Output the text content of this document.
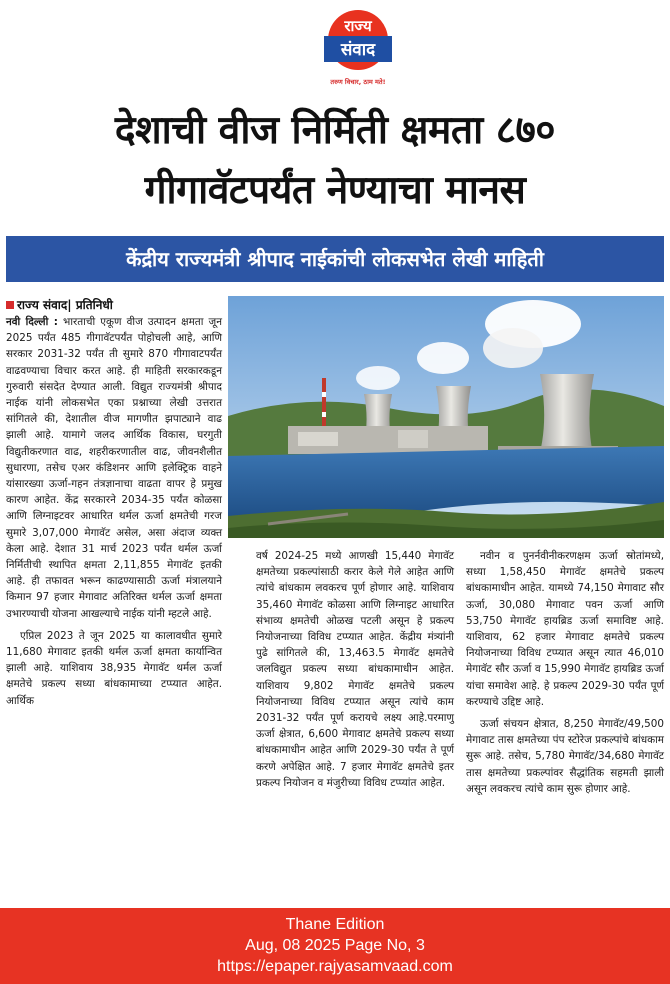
राज्य
संवाद
तरुण विचार, ठाम मते!
देशाची वीज निर्मिती क्षमता ८७०
गीगावॅटपर्यंत नेण्याचा मानस
केंद्रीय राज्यमंत्री श्रीपाद नाईकांची लोकसभेत लेखी माहिती
राज्य संवाद| प्रतिनिधी

नवी दिल्ली : भारताची एकूण वीज उत्पादन क्षमता जून 2025 पर्यंत 485 गीगावॅटपर्यंत पोहोचली आहे, आणि सरकार 2031-32 पर्यंत ती सुमारे 870 गीगावाटपर्यंत वाढवण्याचा विचार करत आहे. ही माहिती सरकारकडून गुरुवारी संसदेत देण्यात आली. विद्युत राज्यमंत्री श्रीपाद नाईक यांनी लोकसभेत एका प्रश्नाच्या लेखी उत्तरात सांगितले की, देशातील वीज मागणीत झपाट्याने वाढ झाली आहे. यामागे जलद आर्थिक विकास, घरगुती विद्युतीकरणात वाढ, शहरीकरणातील वाढ, जीवनशैलीत सुधारणा, तसेच एअर कंडिशनर आणि इलेक्ट्रिक वाहने यांसारख्या ऊर्जा-गहन तंत्रज्ञानाचा वाढता वापर हे प्रमुख कारण आहेत. केंद्र सरकारने 2034-35 पर्यंत कोळसा आणि लिग्नाइटवर आधारित थर्मल ऊर्जा क्षमतेची गरज सुमारे 3,07,000 मेगावॅट असेल, असा अंदाज व्यक्त केला आहे. देशात 31 मार्च 2023 पर्यंत थर्मल ऊर्जा निर्मितीची स्थापित क्षमता 2,11,855 मेगावॅट इतकी आहे. ही तफावत भरून काढण्यासाठी ऊर्जा मंत्रालयाने किमान 97 हजार मेगावाट अतिरिक्त थर्मल ऊर्जा क्षमता उभारण्याची योजना आखल्याचे नाईक यांनी म्हटले आहे.

एप्रिल 2023 ते जून 2025 या कालावधीत सुमारे 11,680 मेगावाट इतकी थर्मल ऊर्जा क्षमता कार्यान्वित झाली आहे. याशिवाय 38,935 मेगावॅट थर्मल ऊर्जा क्षमतेचे प्रकल्प सध्या बांधकामाच्या टप्प्यात आहेत. आर्थिक

वर्ष 2024-25 मध्ये आणखी 15,440 मेगावॅट क्षमतेच्या प्रकल्पांसाठी करार केले गेले आहेत आणि त्यांचे बांधकाम लवकरच पूर्ण होणार आहे. याशिवाय 35,460 मेगावॅट कोळसा आणि लिग्नाइट आधारित संभाव्य क्षमतेची ओळख पटली असून हे प्रकल्प नियोजनाच्या विविध टप्प्यात आहेत. केंद्रीय मंत्र्यांनी पुढे सांगितले की, 13,463.5 मेगावॅट क्षमतेचे जलविद्युत प्रकल्प सध्या बांधकामाधीन आहेत. याशिवाय 9,802 मेगावॅट क्षमतेचे प्रकल्प नियोजनाच्या विविध टप्प्यात असून त्यांचे काम 2031-32 पर्यंत पूर्ण करायचे लक्ष्य आहे.परमाणु ऊर्जा क्षेत्रात, 6,600 मेगावाट क्षमतेचे प्रकल्प सध्या बांधकामाधीन आहेत आणि 2029-30 पर्यंत ते पूर्ण करणे अपेक्षित आहे. 7 हजार मेगावॅट क्षमतेचे इतर प्रकल्प नियोजन व मंजुरीच्या विविध टप्प्यांत आहेत.

नवीन व पुनर्नवीनीकरणक्षम ऊर्जा स्रोतांमध्ये, सध्या 1,58,450 मेगावॅट क्षमतेचे प्रकल्प बांधकामाधीन आहेत. यामध्ये 74,150 मेगावाट सौर ऊर्जा, 30,080 मेगावाट पवन ऊर्जा आणि 53,750 मेगावॅट हायब्रिड ऊर्जा समाविष्ट आहे. याशिवाय, 62 हजार मेगावाट क्षमतेचे प्रकल्प नियोजनाच्या विविध टप्प्यात असून त्यात 46,010 मेगावॅट सौर ऊर्जा व 15,990 मेगावॅट हायब्रिड ऊर्जा यांचा समावेश आहे. हे प्रकल्प 2029-30 पर्यंत पूर्ण करण्याचे उद्दिष्ट आहे.

ऊर्जा संचयन क्षेत्रात, 8,250 मेगावॅट/49,500 मेगावाट तास क्षमतेच्या पंप स्टोरेज प्रकल्पांचे बांधकाम सुरू आहे. तसेच, 5,780 मेगावॅट/34,680 मेगावॅट तास क्षमतेच्या प्रकल्पांवर सैद्धांतिक सहमती झाली असून लवकरच त्यांचे काम सुरू होणार आहे.

Thane Edition
Aug, 08 2025 Page No, 3
https://epaper.rajyasamvaad.com
